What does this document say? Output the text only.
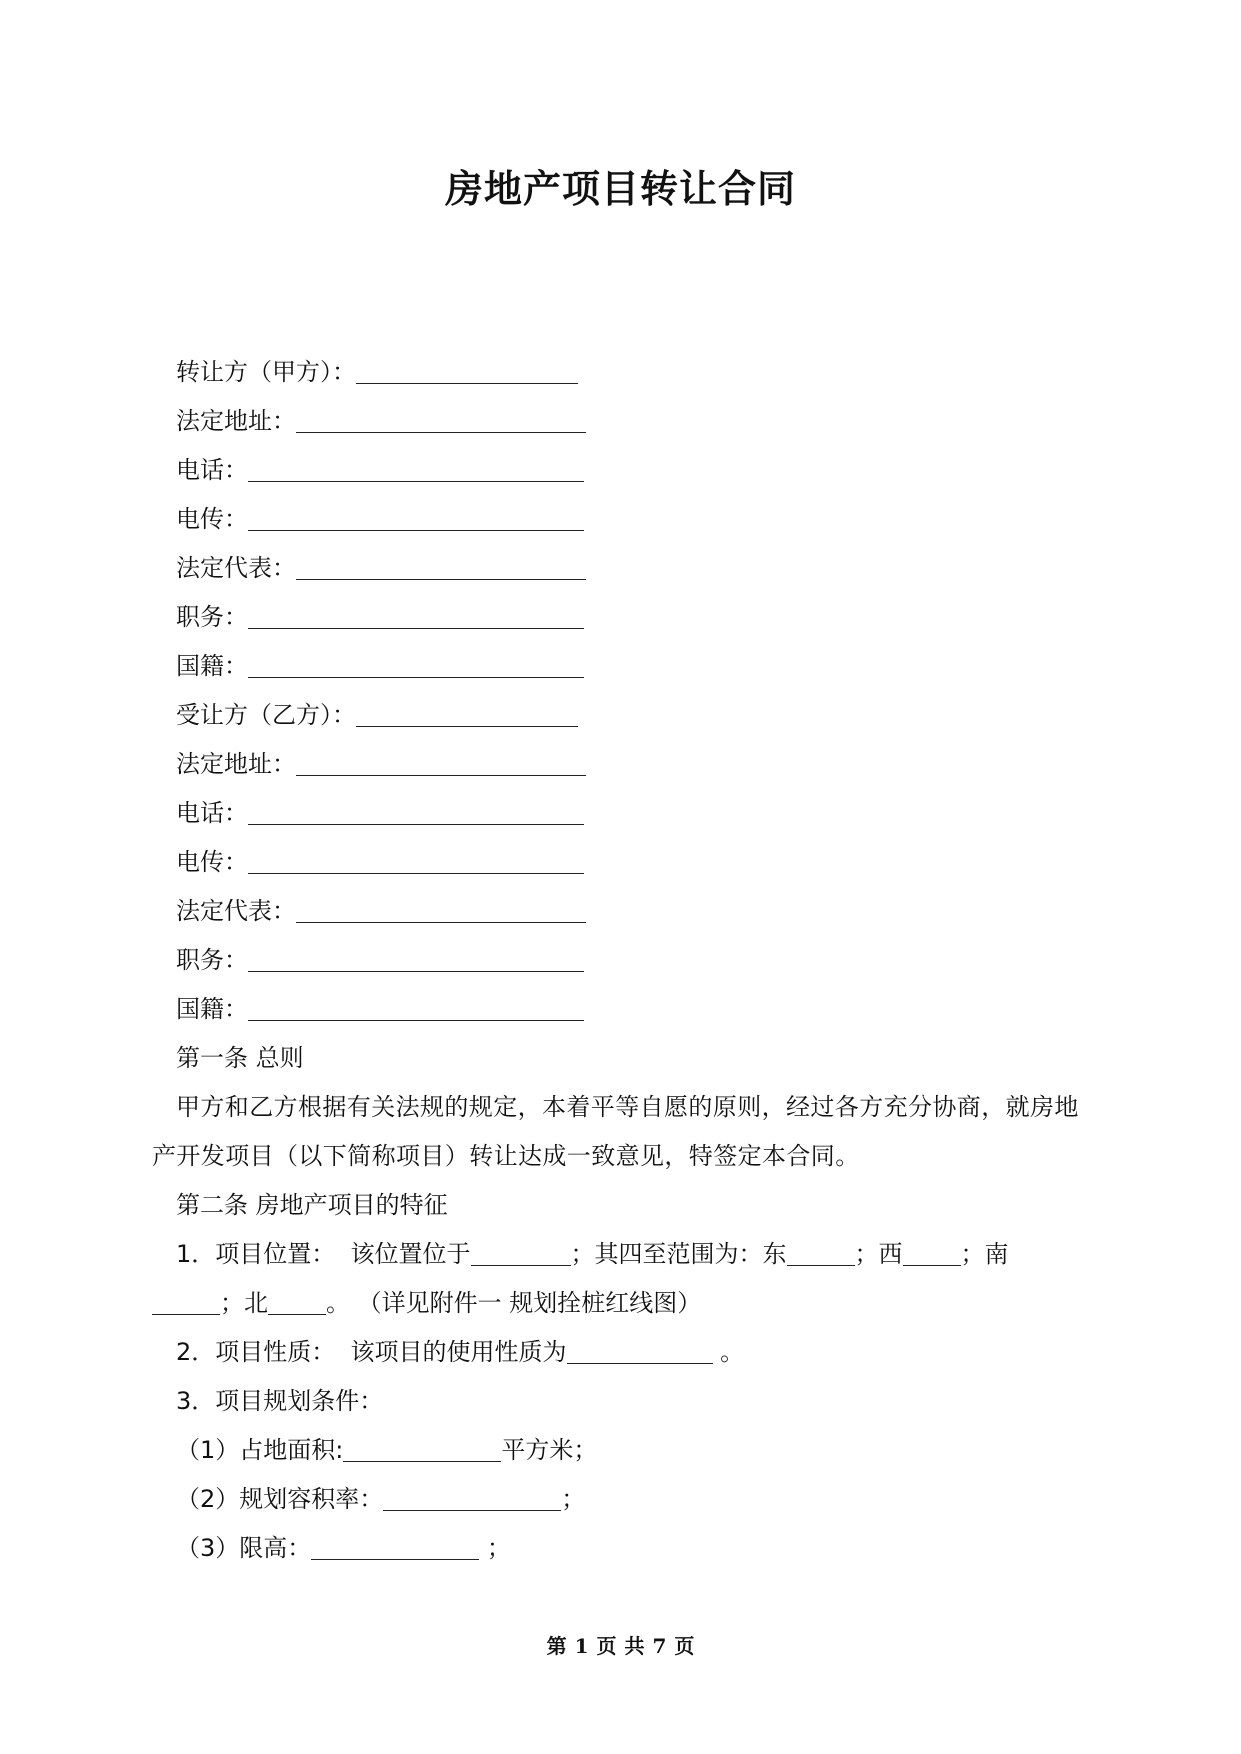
房地产项目转让合同
转让方（甲方）：
法定地址：
电话：
电传：
法定代表：
职务：
国籍：
受让方（乙方）：
法定地址：
电话：
电传：
法定代表：
职务：
国籍：
第一条 总则
甲方和乙方根据有关法规的规定，本着平等自愿的原则，经过各方充分协商，就房地产开发项目（以下简称项目）转让达成一致意见，特签定本合同。
第二条 房地产项目的特征
1．项目位置： 该位置位于	；其四至范围为：东	；西 ；南
；北 。 （详见附件一 规划拴桩红线图）
2．项目性质： 该项目的使用性质为	。
3．项目规划条件：
（1）占地面积:	平方米；
（2）规划容积率：	；
（3）限高：	；
第 1 页 共 7 页
